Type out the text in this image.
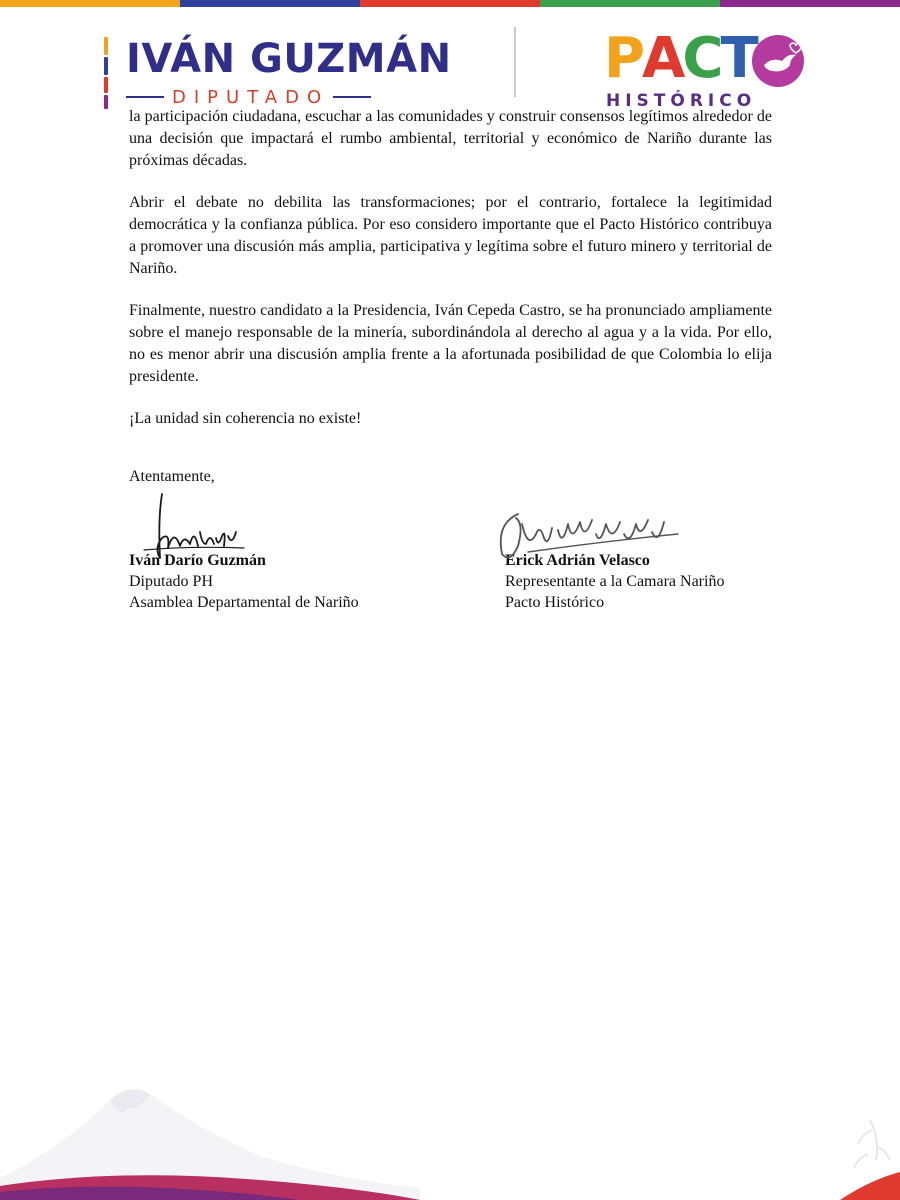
IVÁN GUZMÁN
DIPUTADO
PACT
HISTÓRICO

la participación ciudadana, escuchar a las comunidades y construir consensos legítimos alrededor de una decisión que impactará el rumbo ambiental, territorial y económico de Nariño durante las próximas décadas.

Abrir el debate no debilita las transformaciones; por el contrario, fortalece la legitimidad democrática y la confianza pública. Por eso considero importante que el Pacto Histórico contribuya a promover una discusión más amplia, participativa y legítima sobre el futuro minero y territorial de Nariño.

Finalmente, nuestro candidato a la Presidencia, Iván Cepeda Castro, se ha pronunciado ampliamente sobre el manejo responsable de la minería, subordinándola al derecho al agua y a la vida. Por ello, no es menor abrir una discusión amplia frente a la afortunada posibilidad de que Colombia lo elija presidente.

¡La unidad sin coherencia no existe!

Atentamente,
Iván Darío Guzmán
Diputado PH
Asamblea Departamental de Nariño
Erick Adrián Velasco
Representante a la Camara Nariño
Pacto Histórico
